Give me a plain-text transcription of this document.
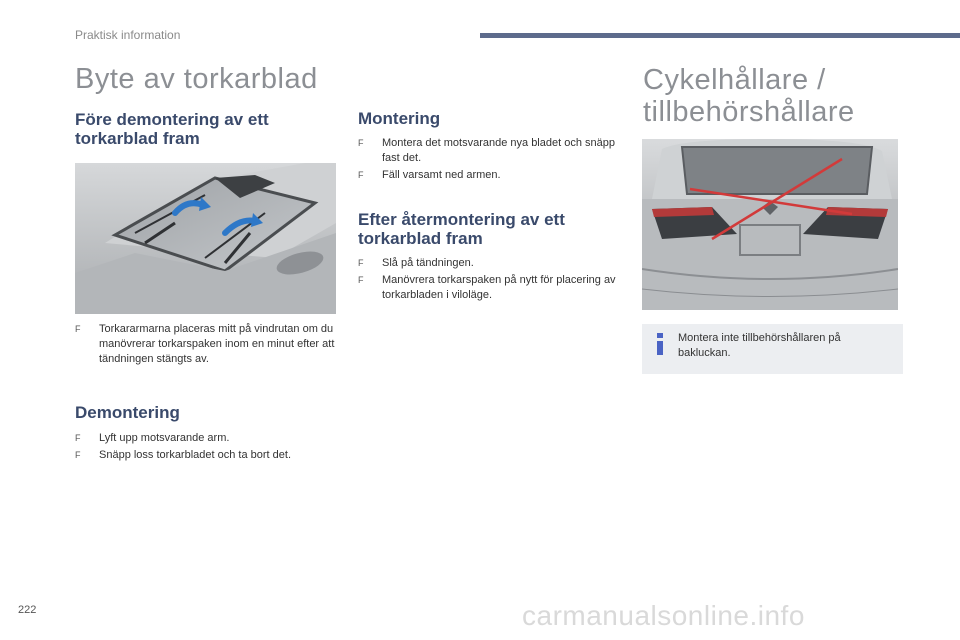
Praktisk information
Byte av torkarblad	Cykelhållare /
tillbehörshållare
Före demontering av ett torkarblad fram
F Torkararmarna placeras mitt på vindrutan om du manövrerar torkarspaken inom en minut efter att tändningen stängts av.
Demontering
F Lyft upp motsvarande arm.
F Snäpp loss torkarbladet och ta bort det.
Montering
F Montera det motsvarande nya bladet och snäpp fast det.
F Fäll varsamt ned armen.
Efter återmontering av ett torkarblad fram
F Slå på tändningen.
F Manövrera torkarspaken på nytt för placering av torkarbladen i viloläge.
Montera inte tillbehörshållaren på bakluckan.
222	carmanualsonline.info
